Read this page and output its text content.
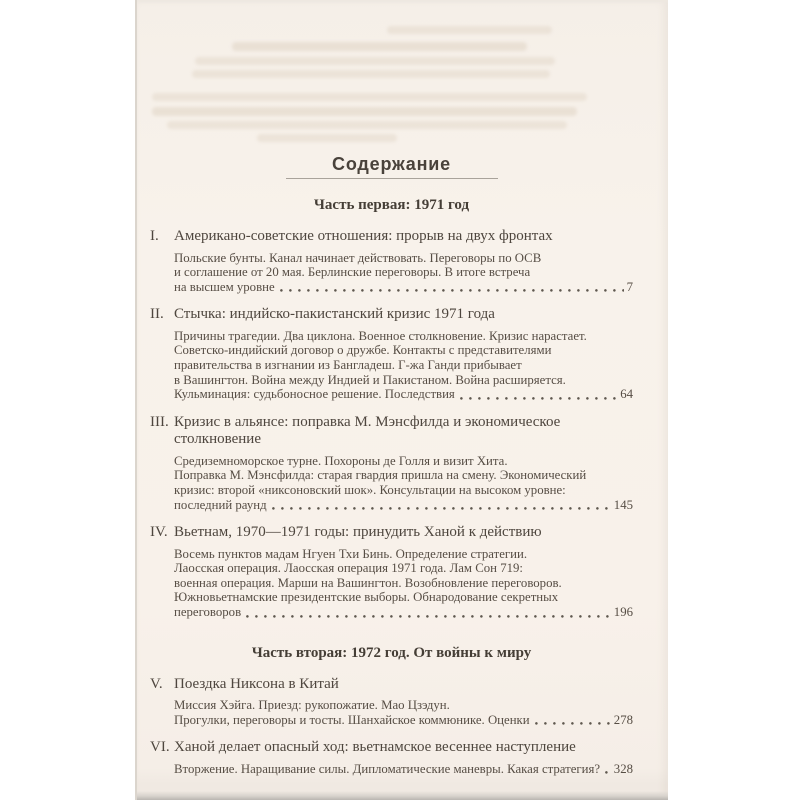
Содержание
Часть первая: 1971 год
I.	Американо-советские отношения: прорыв на двух фронтах
Польские бунты. Канал начинает действовать. Переговоры по ОСВ
и соглашение от 20 мая. Берлинские переговоры. В итоге встреча
на высшем уровне	7
II. Стычка: индийско-пакистанский кризис 1971 года
Причины трагедии. Два циклона. Военное столкновение. Кризис нарастает.
Советско-индийский договор о дружбе. Контакты с представителями
правительства в изгнании из Бангладеш. Г-жа Ганди прибывает
в Вашингтон. Война между Индией и Пакистаном. Война расширяется.
Кульминация: судьбоносное решение. Последствия	64
III. Кризис в альянсе: поправка М. Мэнсфилда и экономическое столкновение
Средиземноморское турне. Похороны де Голля и визит Хита.
Поправка М. Мэнсфилда: старая гвардия пришла на смену. Экономический
кризис: второй «никсоновский шок». Консультации на высоком уровне:
последний раунд	145
IV. Вьетнам, 1970—1971 годы: принудить Ханой к действию
Восемь пунктов мадам Нгуен Тхи Бинь. Определение стратегии.
Лаосская операция. Лаосская операция 1971 года. Лам Сон 719:
военная операция. Марши на Вашингтон. Возобновление переговоров.
Южновьетнамские президентские выборы. Обнародование секретных
переговоров	196
Часть вторая: 1972 год. От войны к миру
V. Поездка Никсона в Китай
Миссия Хэйга. Приезд: рукопожатие. Мао Цзэдун.
Прогулки, переговоры и тосты. Шанхайское коммюнике. Оценки	278
VI. Ханой делает опасный ход: вьетнамское весеннее наступление
Вторжение. Наращивание силы. Дипломатические маневры. Какая стратегия? 328
